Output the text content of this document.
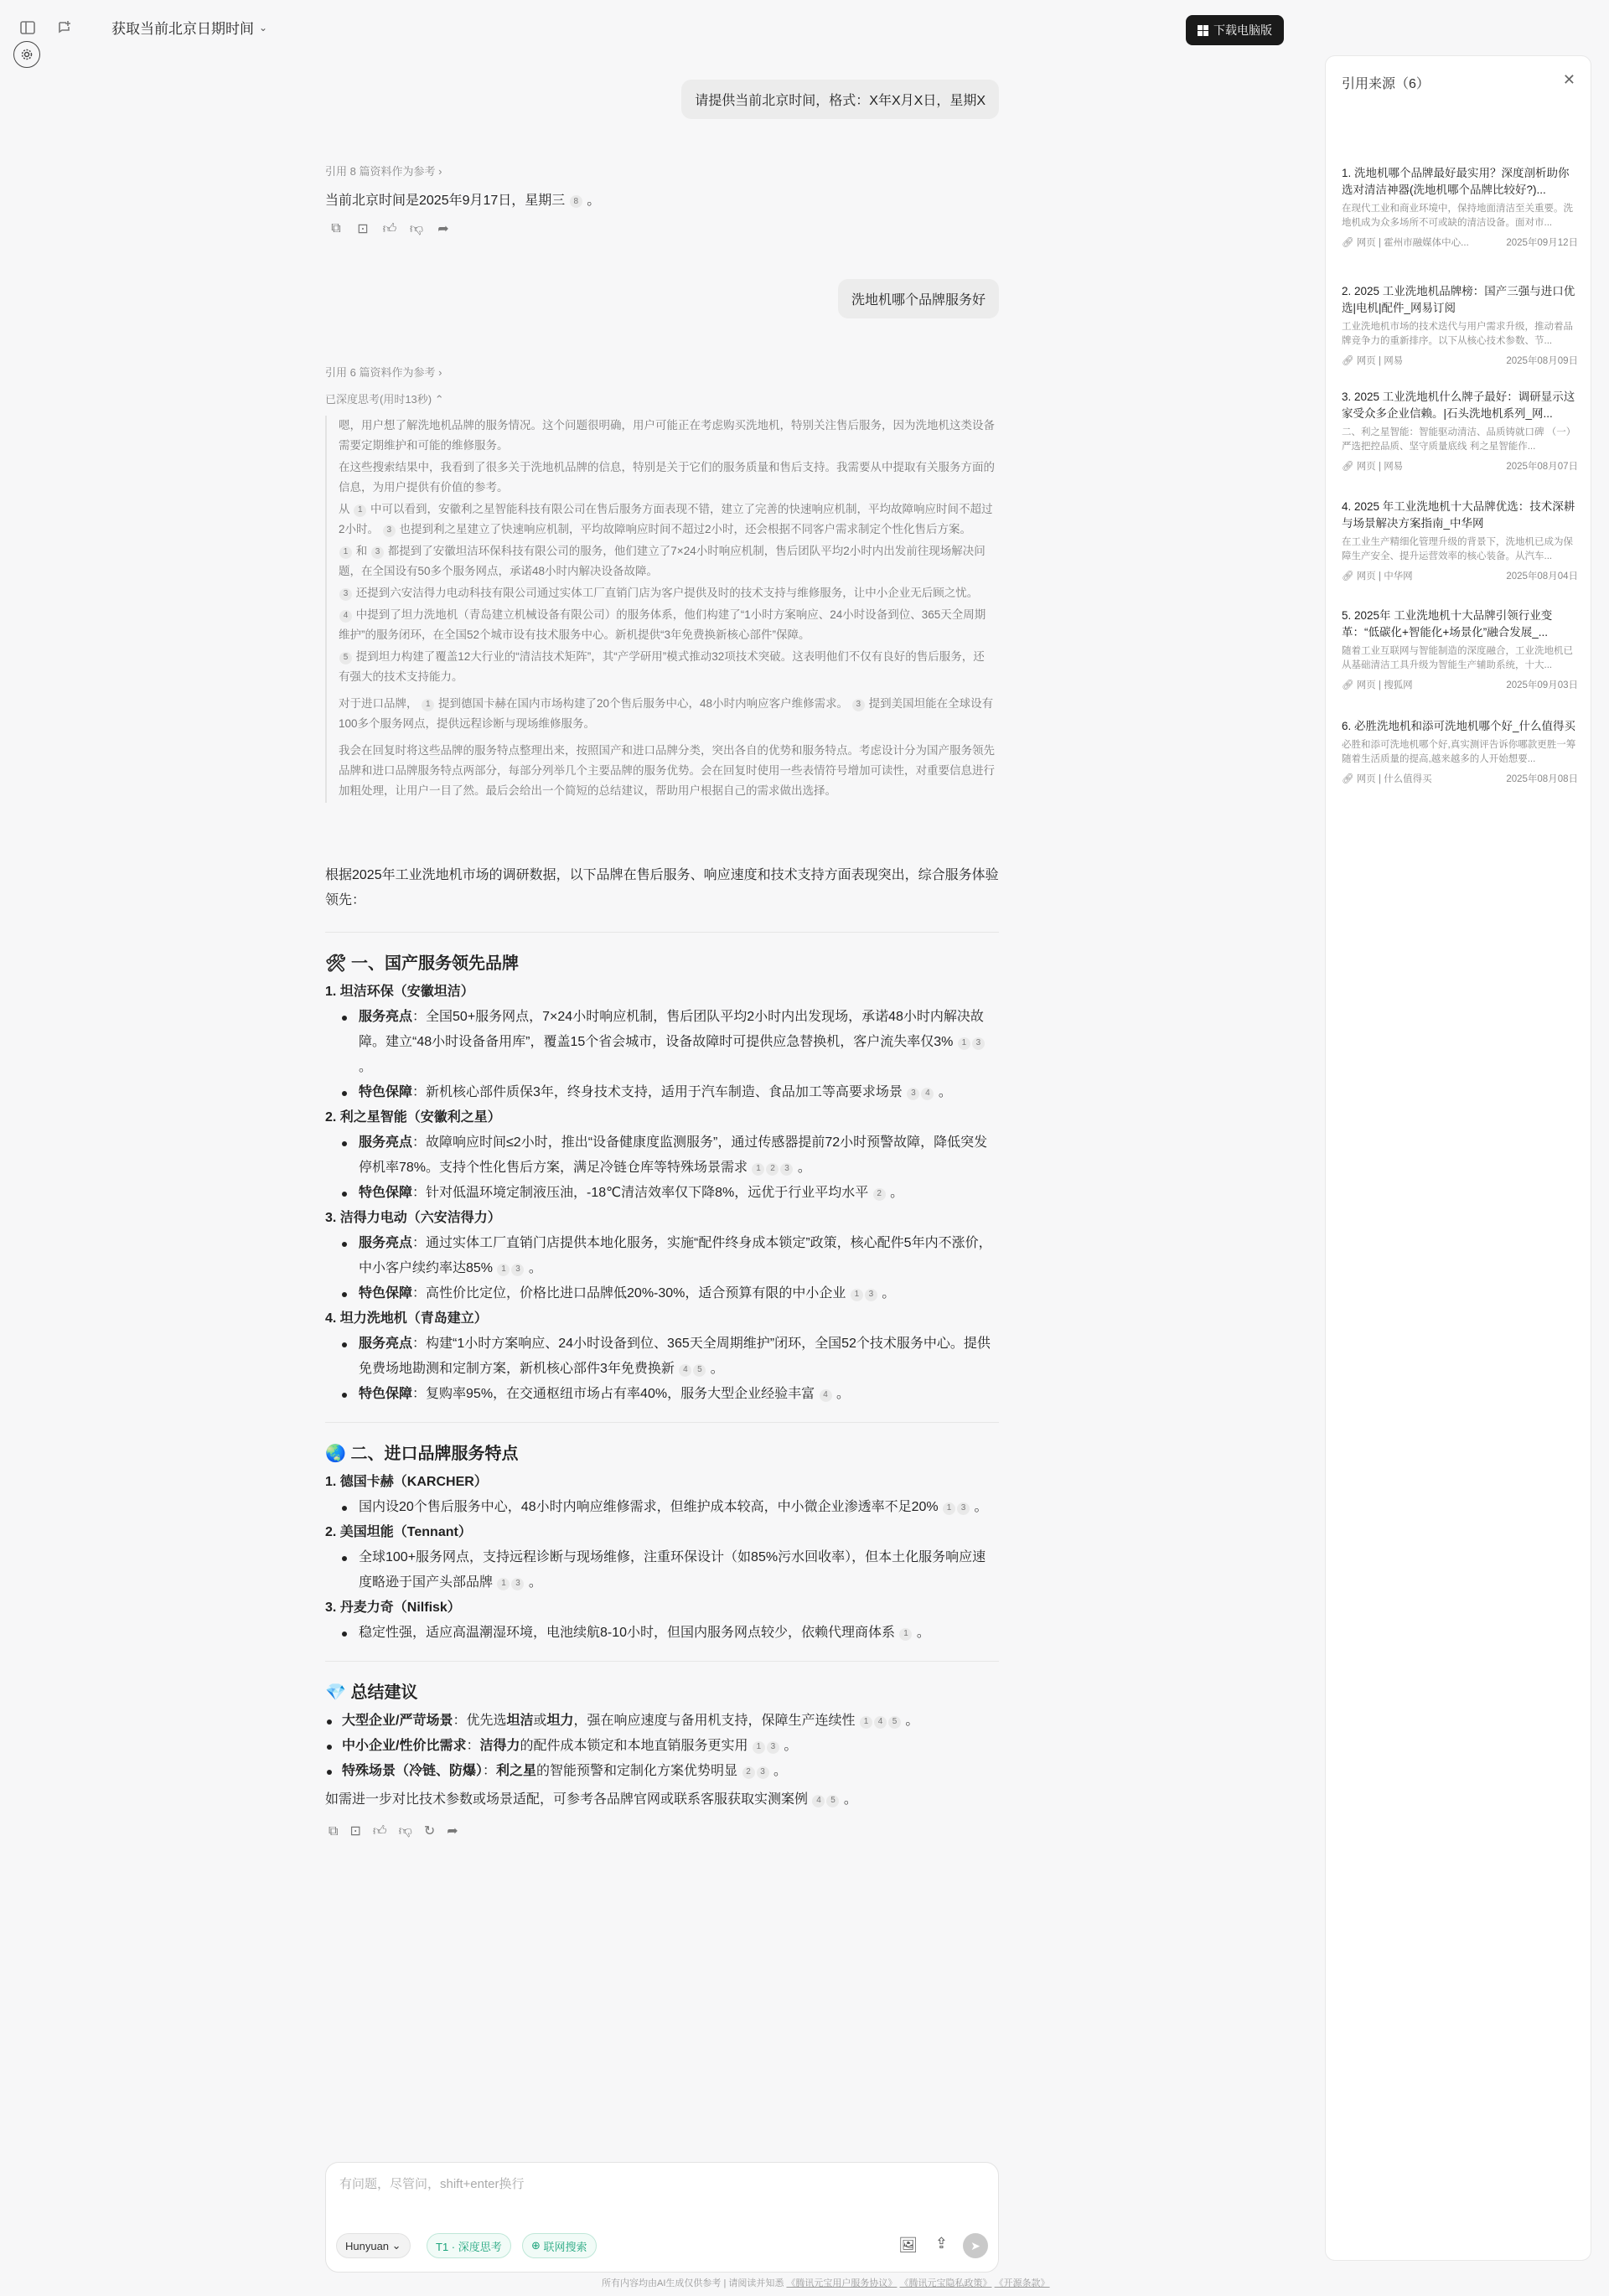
获取当前北京日期时间 ⌄	下载电脑版
请提供当前北京时间，格式：X年X月X日，星期X
引用 8 篇资料作为参考 ›
当前北京时间是2025年9月17日，星期三 8 。
⧉ ⊡ 👍︎ 👎︎ ➦
洗地机哪个品牌服务好
引用 6 篇资料作为参考 ›
已深度思考(用时13秒) ⌃

嗯，用户想了解洗地机品牌的服务情况。这个问题很明确，用户可能正在考虑购买洗地机，特别关注售后服务，因为洗地机这类设备需要定期维护和可能的维修服务。

在这些搜索结果中，我看到了很多关于洗地机品牌的信息，特别是关于它们的服务质量和售后支持。我需要从中提取有关服务方面的信息，为用户提供有价值的参考。

从 1 中可以看到，安徽利之星智能科技有限公司在售后服务方面表现不错，建立了完善的快速响应机制，平均故障响应时间不超过2小时。 3 也提到利之星建立了快速响应机制，平均故障响应时间不超过2小时，还会根据不同客户需求制定个性化售后方案。

1 和 3 都提到了安徽坦洁环保科技有限公司的服务，他们建立了7×24小时响应机制，售后团队平均2小时内出发前往现场解决问题，在全国设有50多个服务网点，承诺48小时内解决设备故障。

3 还提到六安洁得力电动科技有限公司通过实体工厂直销门店为客户提供及时的技术支持与维修服务，让中小企业无后顾之忧。

4 中提到了坦力洗地机（青岛建立机械设备有限公司）的服务体系，他们构建了“1小时方案响应、24小时设备到位、365天全周期维护”的服务闭环，在全国52个城市设有技术服务中心。新机提供“3年免费换新核心部件”保障。

5 提到坦力构建了覆盖12大行业的“清洁技术矩阵”，其“产学研用”模式推动32项技术突破。这表明他们不仅有良好的售后服务，还有强大的技术支持能力。

对于进口品牌， 1 提到德国卡赫在国内市场构建了20个售后服务中心，48小时内响应客户维修需求。 3 提到美国坦能在全球设有100多个服务网点，提供远程诊断与现场维修服务。

我会在回复时将这些品牌的服务特点整理出来，按照国产和进口品牌分类，突出各自的优势和服务特点。考虑设计分为国产服务领先品牌和进口品牌服务特点两部分，每部分列举几个主要品牌的服务优势。会在回复时使用一些表情符号增加可读性，对重要信息进行加粗处理，让用户一目了然。最后会给出一个简短的总结建议，帮助用户根据自己的需求做出选择。

根据2025年工业洗地机市场的调研数据，以下品牌在售后服务、响应速度和技术支持方面表现突出，综合服务体验领先：
🛠 一、国产服务领先品牌
1. 坦洁环保（安徽坦洁）
服务亮点：全国50+服务网点，7×24小时响应机制，售后团队平均2小时内出发现场，承诺48小时内解决故障。建立“48小时设备备用库”，覆盖15个省会城市，设备故障时可提供应急替换机，客户流失率仅3% 1 3 。
特色保障：新机核心部件质保3年，终身技术支持，适用于汽车制造、食品加工等高要求场景 3 4 。
2. 利之星智能（安徽利之星）
服务亮点：故障响应时间≤2小时，推出“设备健康度监测服务”，通过传感器提前72小时预警故障，降低突发停机率78%。支持个性化售后方案，满足冷链仓库等特殊场景需求 1 2 3 。
特色保障：针对低温环境定制液压油，-18℃清洁效率仅下降8%，远优于行业平均水平 2 。
3. 洁得力电动（六安洁得力）
服务亮点：通过实体工厂直销门店提供本地化服务，实施“配件终身成本锁定”政策，核心配件5年内不涨价，中小客户续约率达85% 1 3 。
特色保障：高性价比定位，价格比进口品牌低20%-30%，适合预算有限的中小企业 1 3 。
4. 坦力洗地机（青岛建立）
服务亮点：构建“1小时方案响应、24小时设备到位、365天全周期维护”闭环，全国52个技术服务中心。提供免费场地勘测和定制方案，新机核心部件3年免费换新 4 5 。
特色保障：复购率95%，在交通枢纽市场占有率40%，服务大型企业经验丰富 4 。
🌏 二、进口品牌服务特点
1. 德国卡赫（KARCHER）
国内设20个售后服务中心，48小时内响应维修需求，但维护成本较高，中小微企业渗透率不足20% 1 3 。
2. 美国坦能（Tennant）
全球100+服务网点，支持远程诊断与现场维修，注重环保设计（如85%污水回收率），但本土化服务响应速度略逊于国产头部品牌 1 3 。
3. 丹麦力奇（Nilfisk）
稳定性强，适应高温潮湿环境，电池续航8-10小时，但国内服务网点较少，依赖代理商体系 1 。
💎 总结建议
大型企业/严苛场景：优先选坦洁或坦力，强在响应速度与备用机支持，保障生产连续性 1 4 5 。
中小企业/性价比需求：洁得力的配件成本锁定和本地直销服务更实用 1 3 。
特殊场景（冷链、防爆）：利之星的智能预警和定制化方案优势明显 2 3 。
如需进一步对比技术参数或场景适配，可参考各品牌官网或联系客服获取实测案例 4 5 。
⧉ ⊡ 👍︎ 👎︎ ↻ ➦
有问题，尽管问，shift+enter换行
Hunyuan
⌄	T1 · 深度思考	⊕
联网搜索	🖼︎ ⇪	➤
所有内容均由AI生成仅供参考 | 请阅读并知悉 《腾讯元宝用户服务协议》 《腾讯元宝隐私政策》 《开源条款》
引用来源（6）	✕
1. 洗地机哪个品牌最好最实用？深度剖析助你选对清洁神器(洗地机哪个品牌比较好?)...
在现代工业和商业环境中，保持地面清洁至关重要。洗地机成为众多场所不可或缺的清洁设备。面对市...
🔗︎ 网页 | 霍州市融媒体中心...	2025年09月12日
2. 2025 工业洗地机品牌榜：国产三强与进口优选|电机|配件_网易订阅
工业洗地机市场的技术迭代与用户需求升级，推动着品牌竞争力的重新排序。以下从核心技术参数、节...
🔗︎ 网页 | 网易	2025年08月09日
3. 2025 工业洗地机什么牌子最好：调研显示这家受众多企业信赖。|石头洗地机系列_网...
二、利之星智能：智能驱动清洁、品质铸就口碑 （一）严选把控品质、坚守质量底线 利之星智能作...
🔗︎ 网页 | 网易	2025年08月07日
4. 2025 年工业洗地机十大品牌优选：技术深耕与场景解决方案指南_中华网
在工业生产精细化管理升级的背景下，洗地机已成为保障生产安全、提升运营效率的核心装备。从汽车...
🔗︎ 网页 | 中华网	2025年08月04日
5. 2025年 工业洗地机十大品牌引领行业变革：“低碳化+智能化+场景化”融合发展_...
随着工业互联网与智能制造的深度融合，工业洗地机已从基础清洁工具升级为智能生产辅助系统，十大...
🔗︎ 网页 | 搜狐网	2025年09月03日
6. 必胜洗地机和添可洗地机哪个好_什么值得买
必胜和添可洗地机哪个好,真实测评告诉你哪款更胜一筹 随着生活质量的提高,越来越多的人开始想要...
🔗︎ 网页 | 什么值得买	2025年08月08日
